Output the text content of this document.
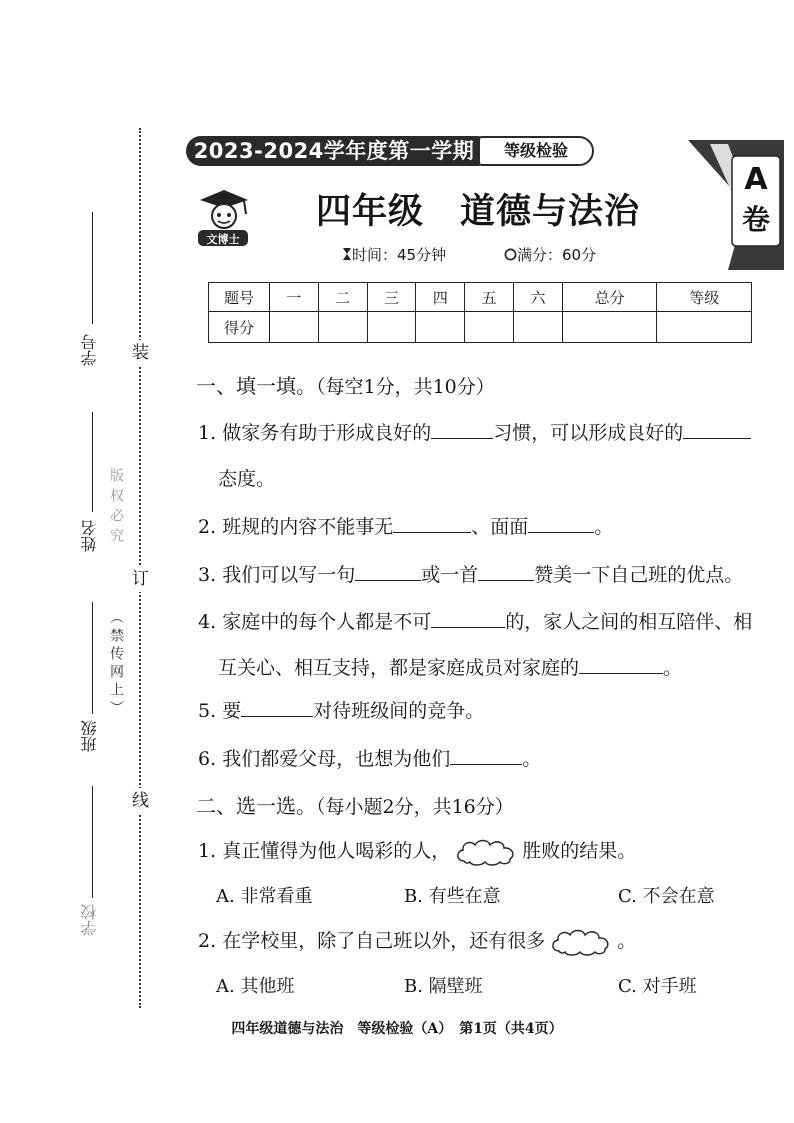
装
订
线
版权必究
（禁传网上）
学号
姓名
班级
学校
2023-2024学年度第一学期	等级检验
文博士
四年级　 道德与法治
时间：45分钟	满分：60分
A
卷
题号	一	二	三	四	五	六	总分	等级
得分								
一、填一填。（每空1分，共10分）
1. 做家务有助于形成良好的	习惯，可以形成良好的
态度。
2. 班规的内容不能事无	、面面	。
3. 我们可以写一句	或一首	赞美一下自己班的优点。
4. 家庭中的每个人都是不可	的，家人之间的相互陪伴、相
互关心、相互支持，都是家庭成员对家庭的	。
5. 要	对待班级间的竞争。
6. 我们都爱父母，也想为他们	。
二、选一选。（每小题2分，共16分）
1. 真正懂得为他人喝彩的人，	胜败的结果。
A. 非常看重	B. 有些在意	C. 不会在意
2. 在学校里，除了自己班以外，还有很多	。
A. 其他班	B. 隔壁班	C. 对手班
四年级道德与法治　等级检验（A）　第1页（共4页）
